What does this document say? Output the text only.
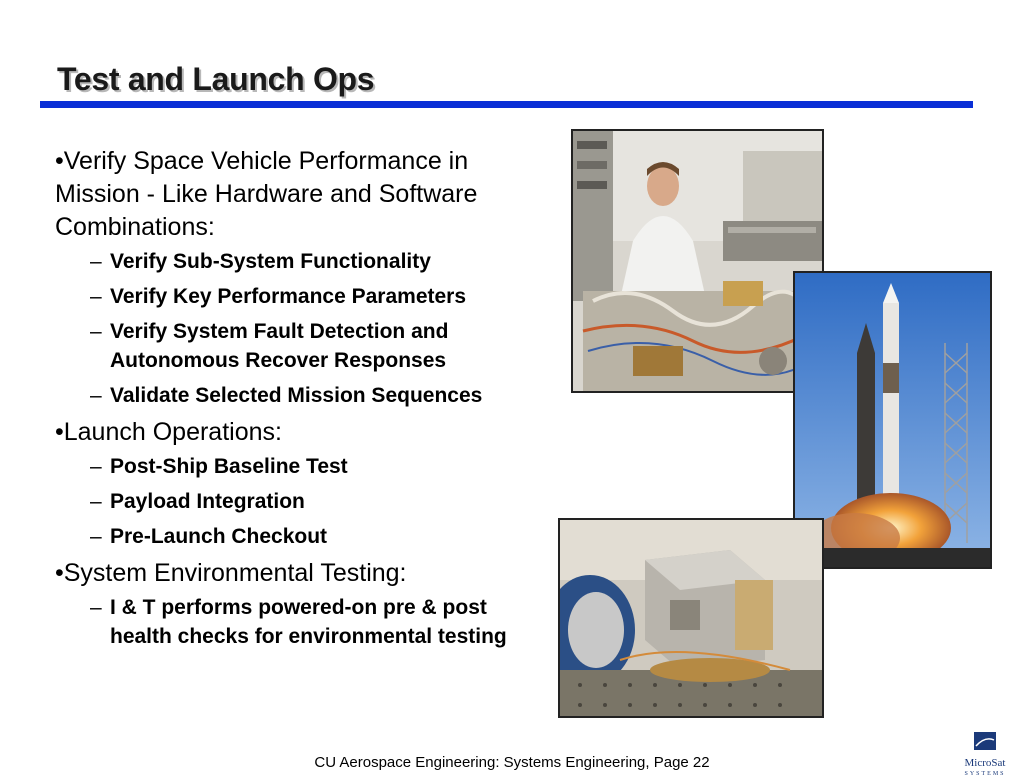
Test and Launch Ops
•Verify Space Vehicle Performance in Mission - Like Hardware and Software Combinations:
– Verify Sub-System Functionality
– Verify Key Performance Parameters
– Verify System Fault Detection and Autonomous Recover Responses
– Validate Selected Mission Sequences
•Launch Operations:
– Post-Ship Baseline Test
– Payload Integration
– Pre-Launch Checkout
•System Environmental Testing:
– I & T performs powered-on pre & post health checks for environmental testing
CU Aerospace Engineering: Systems Engineering, Page 22	MicroSat
SYSTEMS
